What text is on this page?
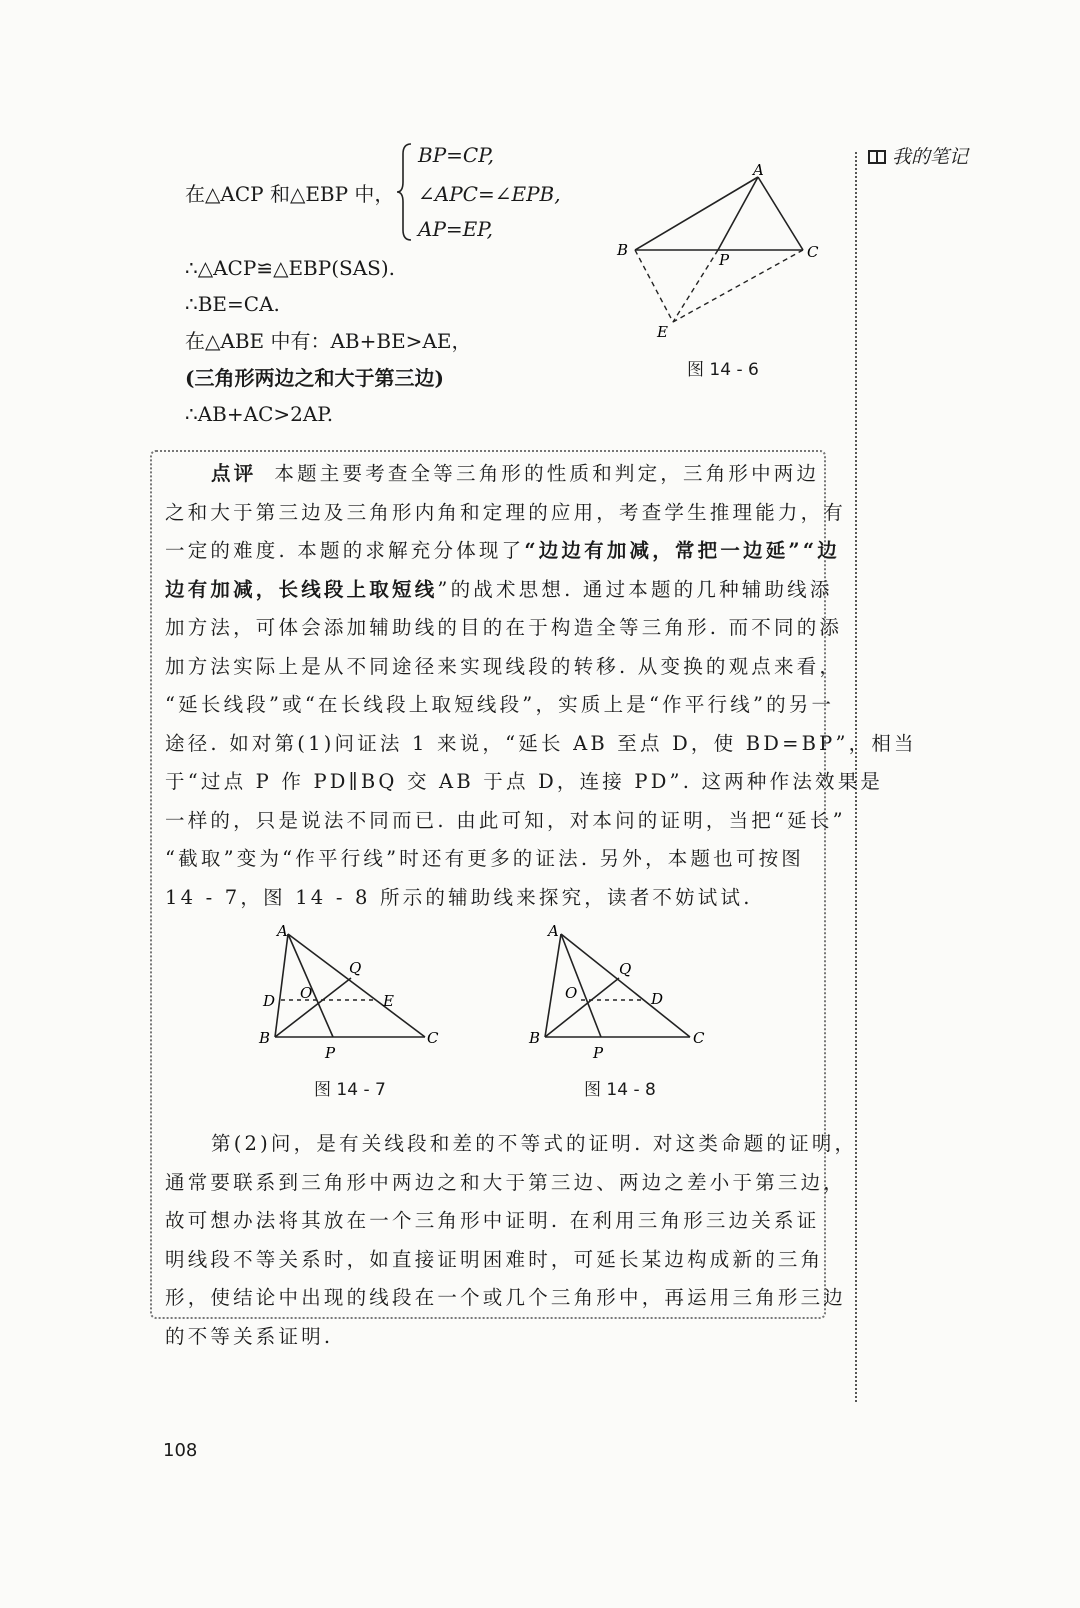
我的笔记
在△ACP 和△EBP 中，
BP=CP,
∠APC=∠EPB,
AP=EP,
∴△ACP≌△EBP(SAS).
∴BE=CA.
在△ABE 中有：AB+BE>AE，
(三角形两边之和大于第三边)
∴AB+AC>2AP.
A
B	C
P
E
图 14 - 6
点评 本题主要考查全等三角形的性质和判定，三角形中两边
之和大于第三边及三角形内角和定理的应用，考查学生推理能力，有
一定的难度. 本题的求解充分体现了“边边有加减，常把一边延”“边
边有加减，长线段上取短线”的战术思想. 通过本题的几种辅助线添
加方法，可体会添加辅助线的目的在于构造全等三角形. 而不同的添
加方法实际上是从不同途径来实现线段的转移. 从变换的观点来看，
“延长线段”或“在长线段上取短线段”，实质上是“作平行线”的另一
途径. 如对第(1)问证法 1 来说，“延长 AB 至点 D，使 BD=BP”，相当
于“过点 P 作 PD∥BQ 交 AB 于点 D，连接 PD”. 这两种作法效果是
一样的，只是说法不同而已. 由此可知，对本问的证明，当把“延长”
“截取”变为“作平行线”时还有更多的证法. 另外，本题也可按图
14 - 7，图 14 - 8 所示的辅助线来探究，读者不妨试试.
A
B	C
D	E
O
P
Q
图 14 - 7
A
B	C
D
O
P
Q
图 14 - 8
第(2)问，是有关线段和差的不等式的证明. 对这类命题的证明，
通常要联系到三角形中两边之和大于第三边、两边之差小于第三边，
故可想办法将其放在一个三角形中证明. 在利用三角形三边关系证
明线段不等关系时，如直接证明困难时，可延长某边构成新的三角
形，使结论中出现的线段在一个或几个三角形中，再运用三角形三边
的不等关系证明.
108
